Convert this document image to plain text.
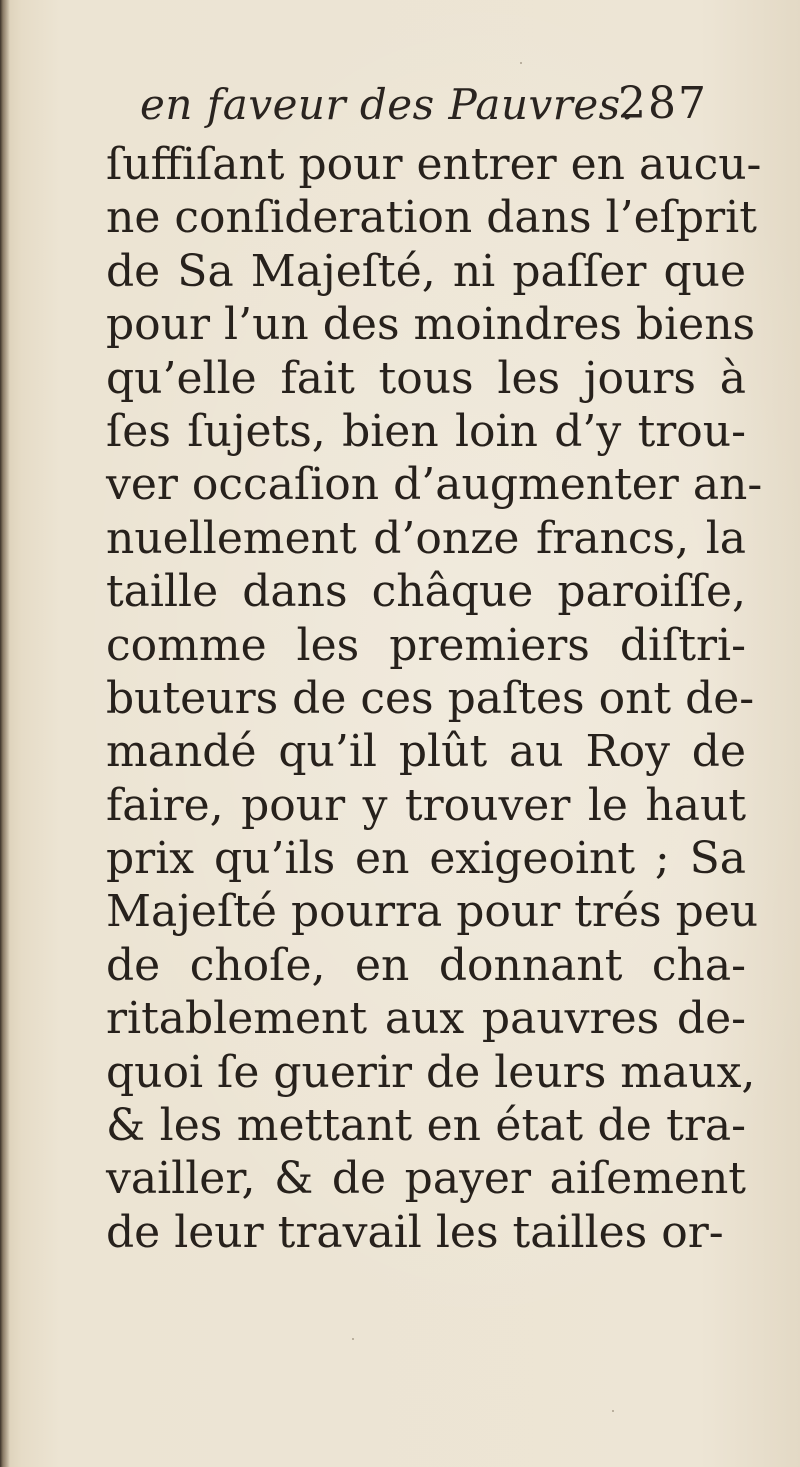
en faveur des Pauvres.
287
ſuffiſant pour entrer en aucu-
ne conſideration dans l’eſprit
de Sa Majeſté, ni paſſer que
pour l’un des moindres biens
qu’elle fait tous les jours à
ſes ſujets, bien loin d’y trou-
ver occaſion d’augmenter an-
nuellement d’onze francs, la
taille dans châque paroiſſe,
comme les premiers diſtri-
buteurs de ces paſtes ont de-
mandé qu’il plût au Roy de
faire, pour y trouver le haut
prix qu’ils en exigeoint ; Sa
Majeſté pourra pour trés peu
de choſe, en donnant cha-
ritablement aux pauvres de-
quoi ſe guerir de leurs maux,
& les mettant en état de tra-
vailler, & de payer aiſement
de leur travail les tailles or-
